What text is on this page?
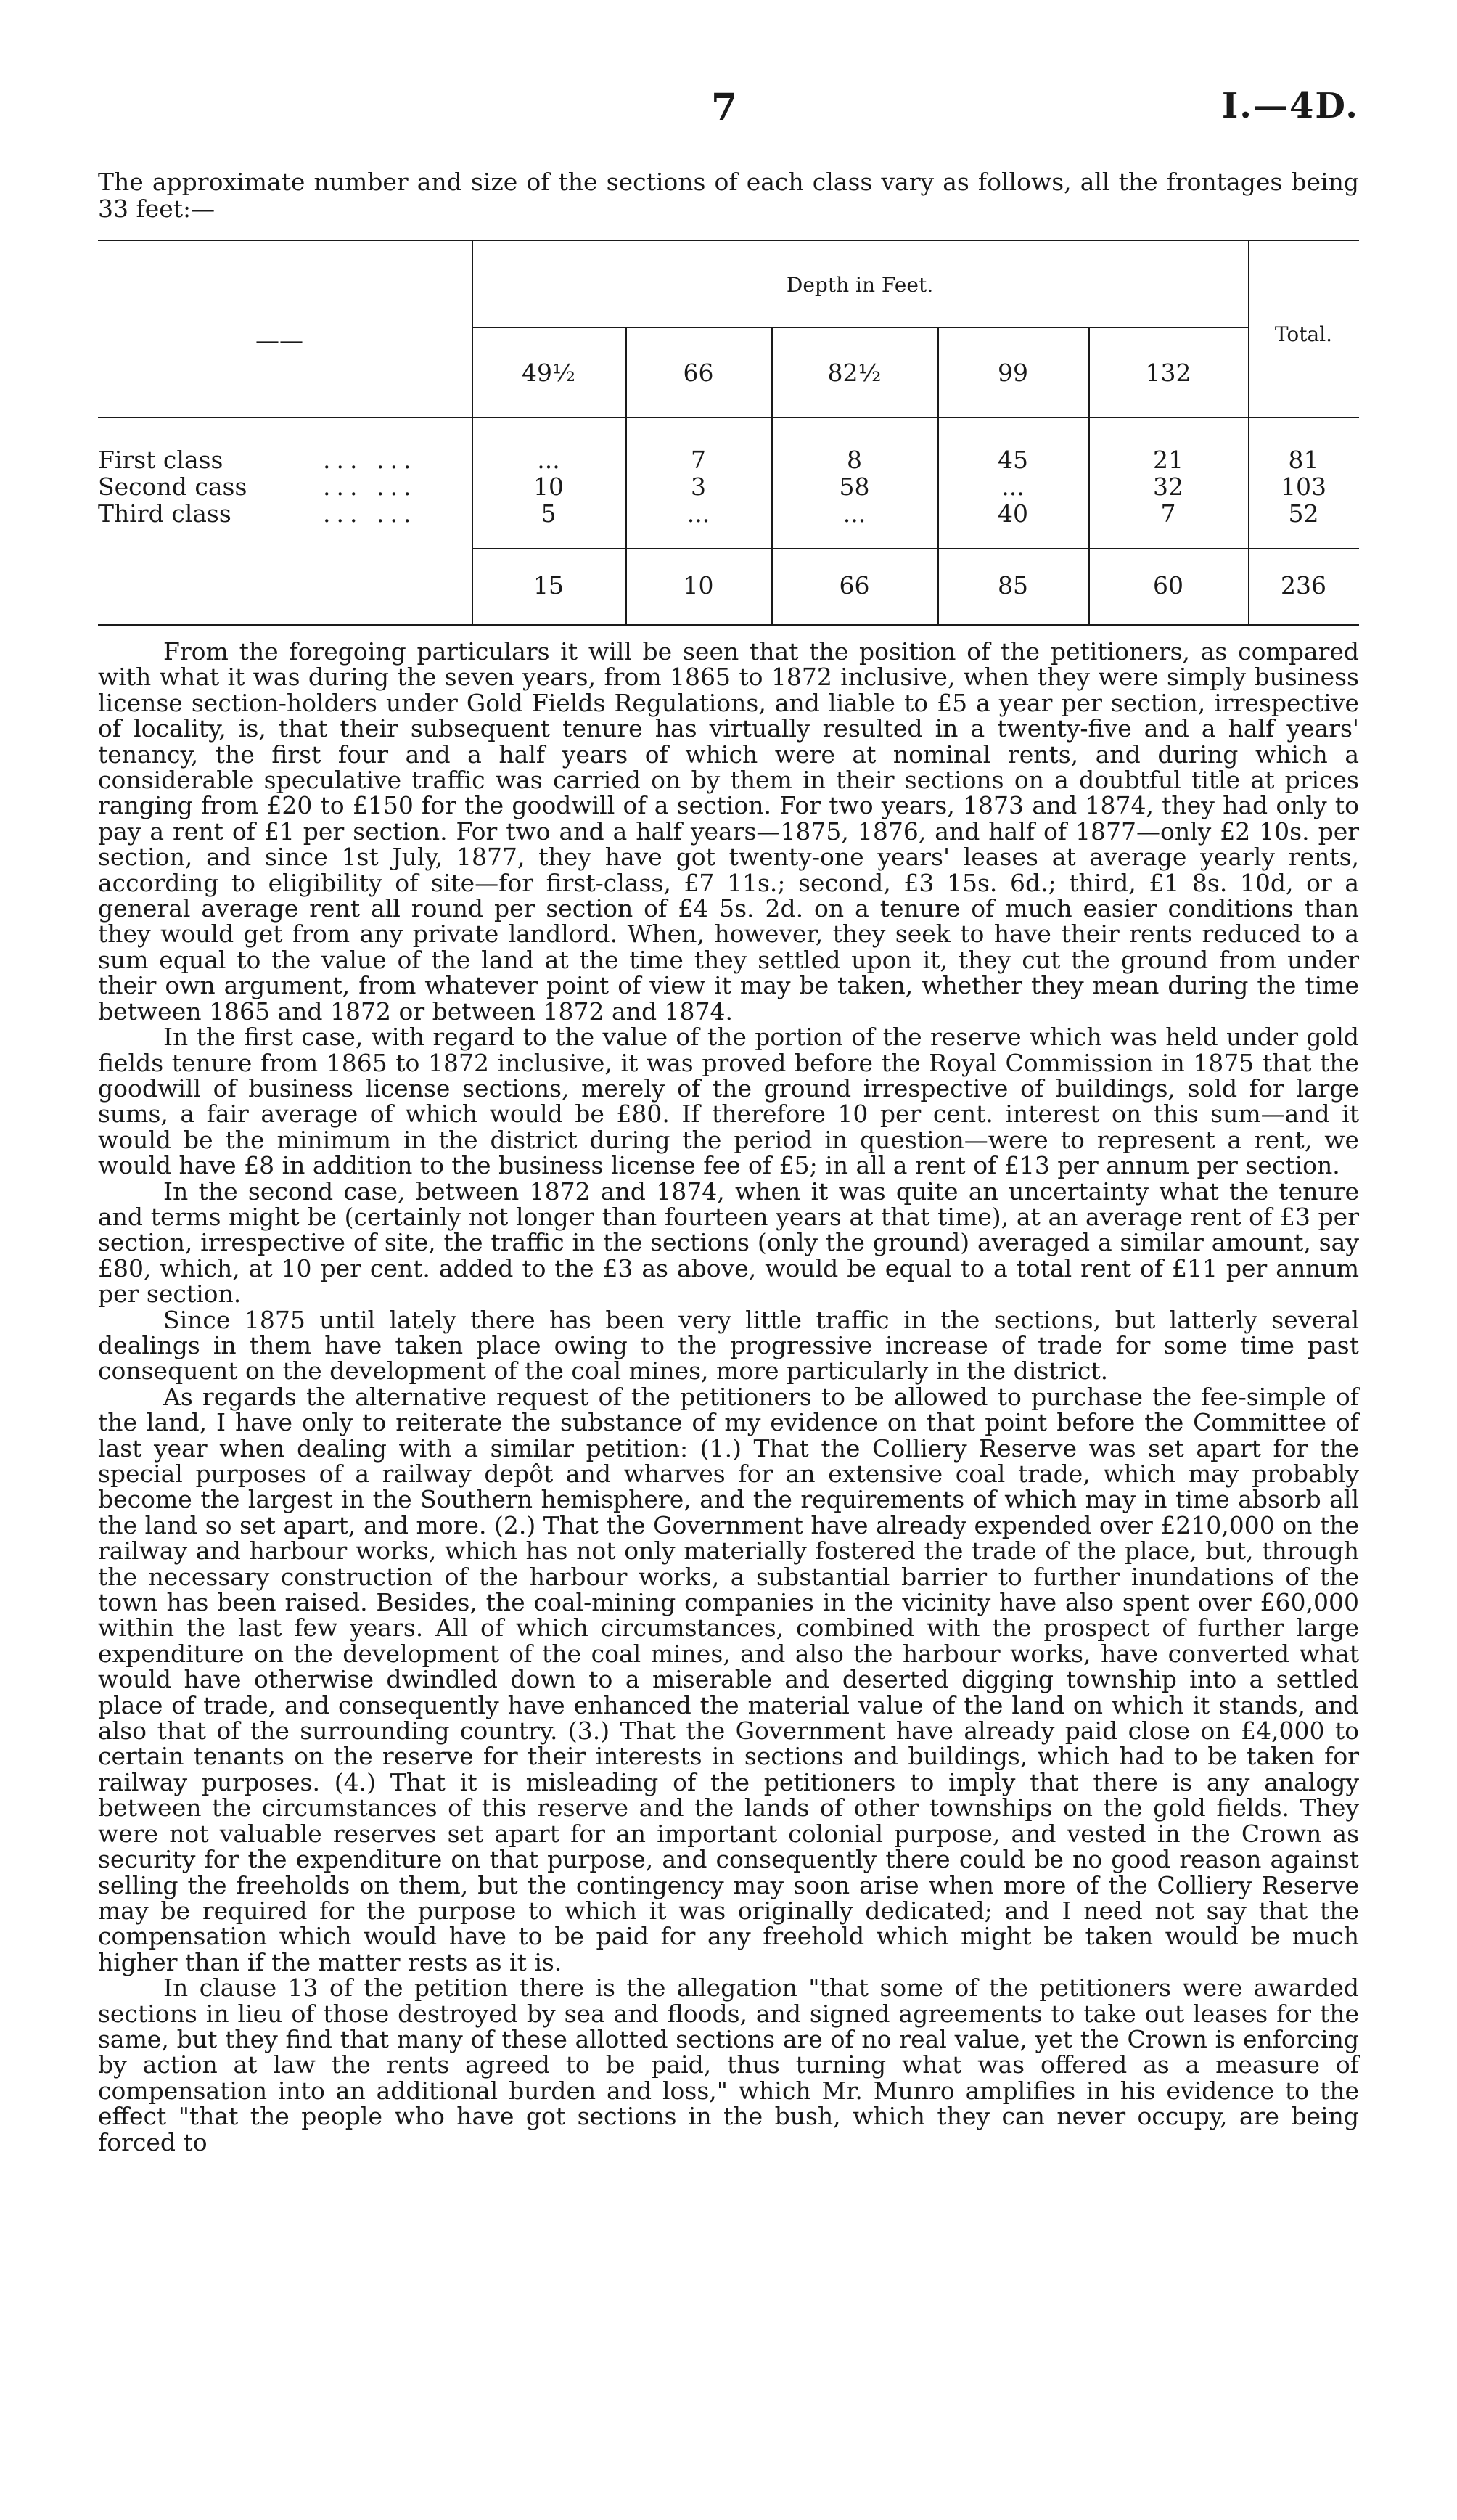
7	I.—4D.

The approximate number and size of the sections of each class vary as follows, all the frontages being 33 feet:—

——
Depth in Feet.
Total.
49½	66	82½	99	132
First class	... ...	...	7	8	45	21	81
Second cass	... ...	10	3	58	...	32	103
Third class	... ...	5	...	...	40	7	52
15	10	66	85	60	236

From the foregoing particulars it will be seen that the position of the petitioners, as compared with what it was during the seven years, from 1865 to 1872 inclusive, when they were simply business license section-holders under Gold Fields Regulations, and liable to £5 a year per section, irrespective of locality, is, that their subsequent tenure has virtually resulted in a twenty-five and a half years' tenancy, the first four and a half years of which were at nominal rents, and during which a considerable speculative traffic was carried on by them in their sections on a doubtful title at prices ranging from £20 to £150 for the goodwill of a section. For two years, 1873 and 1874, they had only to pay a rent of £1 per section. For two and a half years—1875, 1876, and half of 1877—only £2 10s. per section, and since 1st July, 1877, they have got twenty-one years' leases at average yearly rents, according to eligibility of site—for first-class, £7 11s.; second, £3 15s. 6d.; third, £1 8s. 10d, or a general average rent all round per section of £4 5s. 2d. on a tenure of much easier conditions than they would get from any private landlord. When, however, they seek to have their rents reduced to a sum equal to the value of the land at the time they settled upon it, they cut the ground from under their own argument, from whatever point of view it may be taken, whether they mean during the time between 1865 and 1872 or between 1872 and 1874.

In the first case, with regard to the value of the portion of the reserve which was held under gold fields tenure from 1865 to 1872 inclusive, it was proved before the Royal Commission in 1875 that the goodwill of business license sections, merely of the ground irrespective of buildings, sold for large sums, a fair average of which would be £80. If therefore 10 per cent. interest on this sum—and it would be the minimum in the district during the period in question—were to represent a rent, we would have £8 in addition to the business license fee of £5; in all a rent of £13 per annum per section.

In the second case, between 1872 and 1874, when it was quite an uncertainty what the tenure and terms might be (certainly not longer than fourteen years at that time), at an average rent of £3 per section, irrespective of site, the traffic in the sections (only the ground) averaged a similar amount, say £80, which, at 10 per cent. added to the £3 as above, would be equal to a total rent of £11 per annum per section.

Since 1875 until lately there has been very little traffic in the sections, but latterly several dealings in them have taken place owing to the progressive increase of trade for some time past consequent on the development of the coal mines, more particularly in the district.

As regards the alternative request of the petitioners to be allowed to purchase the fee-simple of the land, I have only to reiterate the substance of my evidence on that point before the Committee of last year when dealing with a similar petition: (1.) That the Colliery Reserve was set apart for the special purposes of a railway depôt and wharves for an extensive coal trade, which may probably become the largest in the Southern hemisphere, and the requirements of which may in time absorb all the land so set apart, and more. (2.) That the Government have already expended over £210,000 on the railway and harbour works, which has not only materially fostered the trade of the place, but, through the necessary construction of the harbour works, a substantial barrier to further inundations of the town has been raised. Besides, the coal-mining companies in the vicinity have also spent over £60,000 within the last few years. All of which circumstances, combined with the prospect of further large expenditure on the development of the coal mines, and also the harbour works, have converted what would have otherwise dwindled down to a miserable and deserted digging township into a settled place of trade, and consequently have enhanced the material value of the land on which it stands, and also that of the surrounding country. (3.) That the Government have already paid close on £4,000 to certain tenants on the reserve for their interests in sections and buildings, which had to be taken for railway purposes. (4.) That it is misleading of the petitioners to imply that there is any analogy between the circumstances of this reserve and the lands of other townships on the gold fields. They were not valuable reserves set apart for an important colonial purpose, and vested in the Crown as security for the expenditure on that purpose, and consequently there could be no good reason against selling the freeholds on them, but the contingency may soon arise when more of the Colliery Reserve may be required for the purpose to which it was originally dedicated; and I need not say that the compensation which would have to be paid for any freehold which might be taken would be much higher than if the matter rests as it is.

In clause 13 of the petition there is the allegation "that some of the petitioners were awarded sections in lieu of those destroyed by sea and floods, and signed agreements to take out leases for the same, but they find that many of these allotted sections are of no real value, yet the Crown is enforcing by action at law the rents agreed to be paid, thus turning what was offered as a measure of compensation into an additional burden and loss," which Mr. Munro amplifies in his evidence to the effect "that the people who have got sections in the bush, which they can never occupy, are being forced to
